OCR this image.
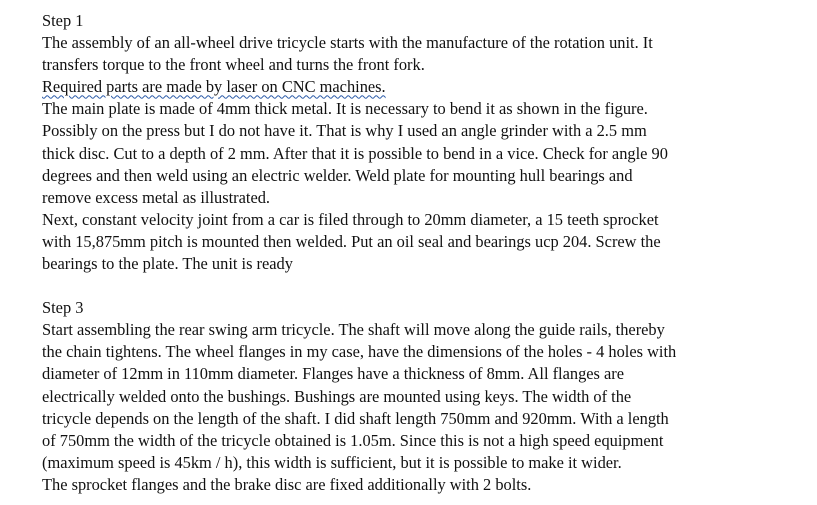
Step 1
The assembly of an all-wheel drive tricycle starts with the manufacture of the rotation unit. It
transfers torque to the front wheel and turns the front fork.
Required parts are made by laser on CNC machines.
The main plate is made of 4mm thick metal. It is necessary to bend it as shown in the figure.
Possibly on the press but I do not have it. That is why I used an angle grinder with a 2.5 mm
thick disc. Cut to a depth of 2 mm. After that it is possible to bend in a vice. Check for angle 90
degrees and then weld using an electric welder. Weld plate for mounting hull bearings and
remove excess metal as illustrated.
Next, constant velocity joint from a car is filed through to 20mm diameter, a 15 teeth sprocket
with 15,875mm pitch is mounted then welded. Put an oil seal and bearings ucp 204. Screw the
bearings to the plate. The unit is ready
Step 3
Start assembling the rear swing arm tricycle. The shaft will move along the guide rails, thereby
the chain tightens. The wheel flanges in my case, have the dimensions of the holes - 4 holes with
diameter of 12mm in 110mm diameter. Flanges have a thickness of 8mm. All flanges are
electrically welded onto the bushings. Bushings are mounted using keys. The width of the
tricycle depends on the length of the shaft. I did shaft length 750mm and 920mm. With a length
of 750mm the width of the tricycle obtained is 1.05m. Since this is not a high speed equipment
(maximum speed is 45km / h), this width is sufficient, but it is possible to make it wider.
The sprocket flanges and the brake disc are fixed additionally with 2 bolts.
